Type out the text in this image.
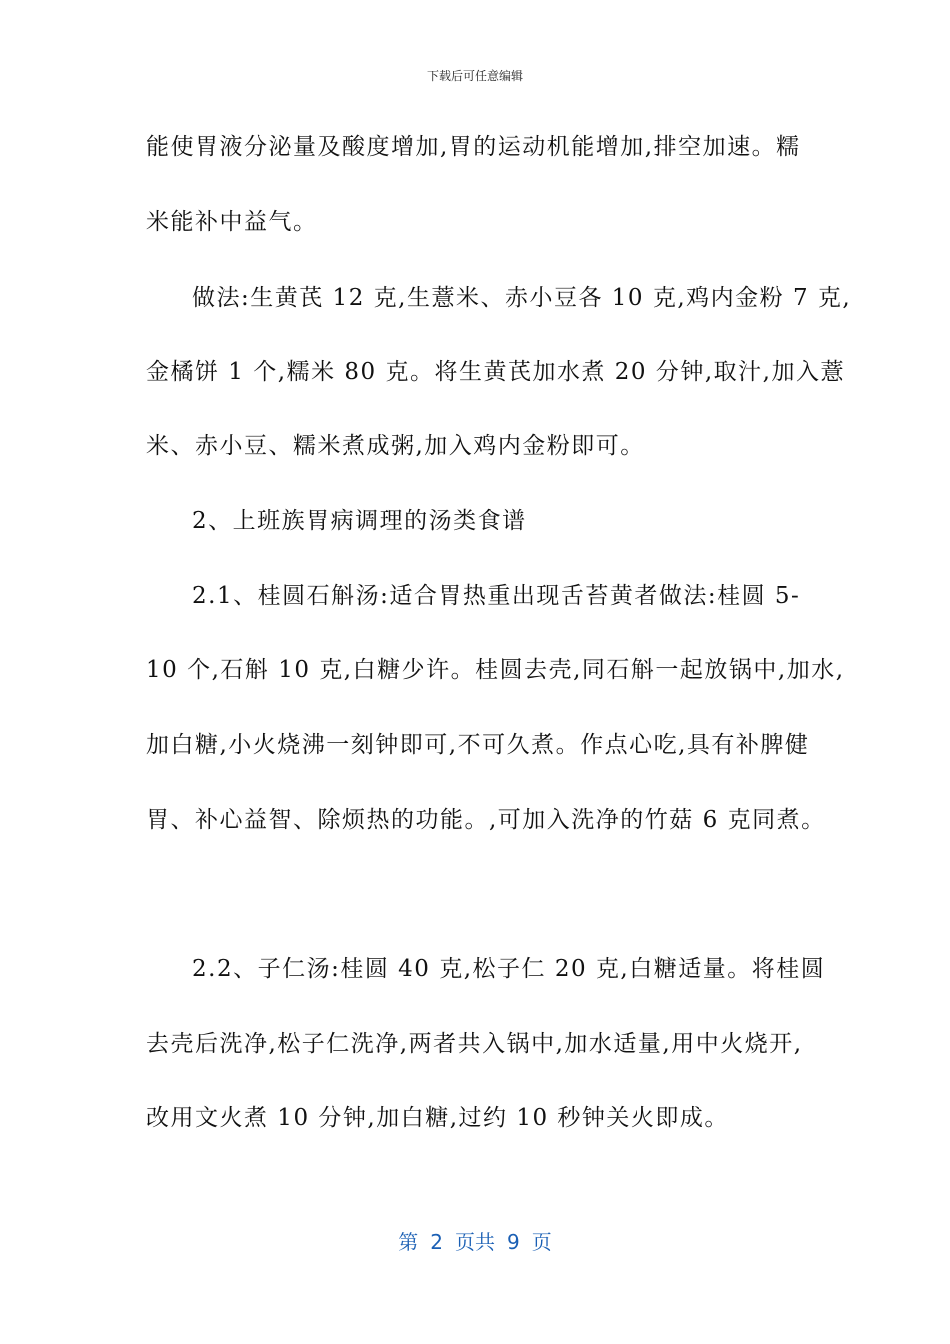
下载后可任意编辑
能使胃液分泌量及酸度增加,胃的运动机能增加,排空加速。糯
米能补中益气。
做法:生黄芪 12 克,生薏米、赤小豆各 10 克,鸡内金粉 7 克,
金橘饼 1 个,糯米 80 克。将生黄芪加水煮 20 分钟,取汁,加入薏
米、赤小豆、糯米煮成粥,加入鸡内金粉即可。
2、上班族胃病调理的汤类食谱
2.1、桂圆石斛汤:适合胃热重出现舌苔黄者做法:桂圆 5-
10 个,石斛 10 克,白糖少许。桂圆去壳,同石斛一起放锅中,加水,
加白糖,小火烧沸一刻钟即可,不可久煮。作点心吃,具有补脾健
胃、补心益智、除烦热的功能。,可加入洗净的竹菇 6 克同煮。
2.2、子仁汤:桂圆 40 克,松子仁 20 克,白糖适量。将桂圆
去壳后洗净,松子仁洗净,两者共入锅中,加水适量,用中火烧开,
改用文火煮 10 分钟,加白糖,过约 10 秒钟关火即成。
第 2 页共 9 页
